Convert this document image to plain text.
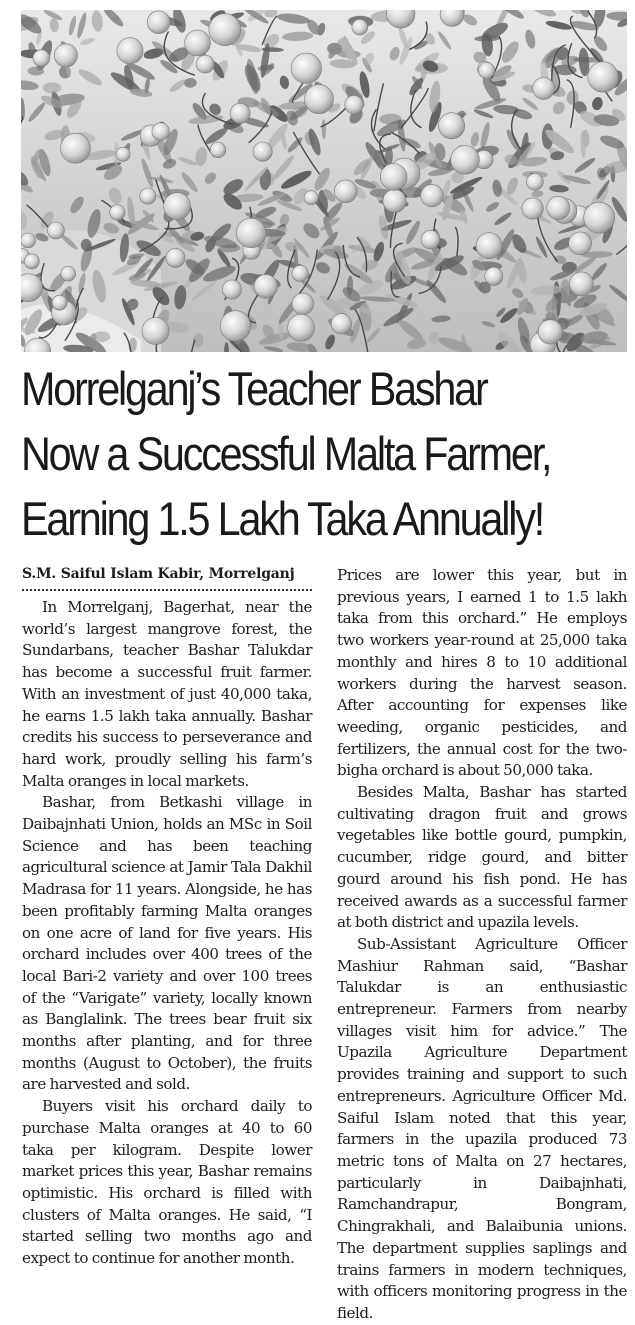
Morrelganj’s Teacher Bashar
Now a Successful Malta Farmer,
Earning 1.5 Lakh Taka Annually!
S.M. Saiful Islam Kabir, Morrelganj

In Morrelganj, Bagerhat, near the world’s largest mangrove forest, the Sundarbans, teacher Bashar Talukdar has become a successful fruit farmer. With an investment of just 40,000 taka, he earns 1.5 lakh taka annually. Bashar credits his success to perseverance and hard work, proudly selling his farm’s Malta oranges in local markets.

Bashar, from Betkashi village in Daibajnhati Union, holds an MSc in Soil Science and has been teaching agricultural science at Jamir Tala Dakhil Madrasa for 11 years. Alongside, he has been profitably farming Malta oranges on one acre of land for five years. His orchard includes over 400 trees of the local Bari-2 variety and over 100 trees of the “Varigate” variety, locally known as Banglalink. The trees bear fruit six months after planting, and for three months (August to October), the fruits are harvested and sold.

Buyers visit his orchard daily to purchase Malta oranges at 40 to 60 taka per kilogram. Despite lower market prices this year, Bashar remains optimistic. His orchard is filled with clusters of Malta oranges. He said, “I started selling two months ago and expect to continue for another month.

Prices are lower this year, but in previous years, I earned 1 to 1.5 lakh taka from this orchard.” He employs two workers year-round at 25,000 taka monthly and hires 8 to 10 additional workers during the harvest season. After accounting for expenses like weeding, organic pesticides, and fertilizers, the annual cost for the two-bigha orchard is about 50,000 taka.

Besides Malta, Bashar has started cultivating dragon fruit and grows vegetables like bottle gourd, pumpkin, cucumber, ridge gourd, and bitter gourd around his fish pond. He has received awards as a successful farmer at both district and upazila levels.

Sub-Assistant Agriculture Officer Mashiur Rahman said, “Bashar Talukdar is an enthusiastic entrepreneur. Farmers from nearby villages visit him for advice.” The Upazila Agriculture Department provides training and support to such entrepreneurs. Agriculture Officer Md. Saiful Islam noted that this year, farmers in the upazila produced 73 metric tons of Malta on 27 hectares, particularly in Daibajnhati, Ramchandrapur, Bongram, Chingrakhali, and Balaibunia unions. The department supplies saplings and trains farmers in modern techniques, with officers monitoring progress in the field.
